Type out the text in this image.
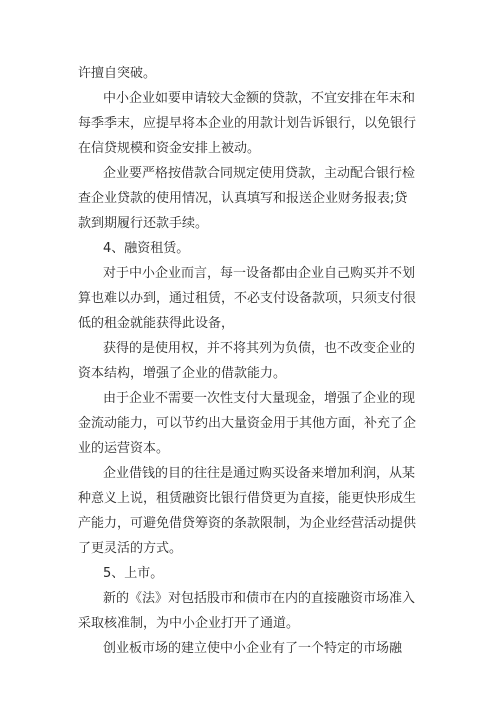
许擅自突破。
中小企业如要申请较大金额的贷款，不宜安排在年末和
每季季末，应提早将本企业的用款计划告诉银行，以免银行
在信贷规模和资金安排上被动。
企业要严格按借款合同规定使用贷款，主动配合银行检
查企业贷款的使用情况，认真填写和报送企业财务报表;贷
款到期履行还款手续。
4、融资租赁。
对于中小企业而言，每一设备都由企业自己购买并不划
算也难以办到，通过租赁，不必支付设备款项，只须支付很
低的租金就能获得此设备，
获得的是使用权，并不将其列为负债，也不改变企业的
资本结构，增强了企业的借款能力。
由于企业不需要一次性支付大量现金，增强了企业的现
金流动能力，可以节约出大量资金用于其他方面，补充了企
业的运营资本。
企业借钱的目的往往是通过购买设备来增加利润，从某
种意义上说，租赁融资比银行借贷更为直接，能更快形成生
产能力，可避免借贷筹资的条款限制，为企业经营活动提供
了更灵活的方式。
5、上市。
新的《法》对包括股市和债市在内的直接融资市场准入
采取核准制，为中小企业打开了通道。
创业板市场的建立使中小企业有了一个特定的市场融
